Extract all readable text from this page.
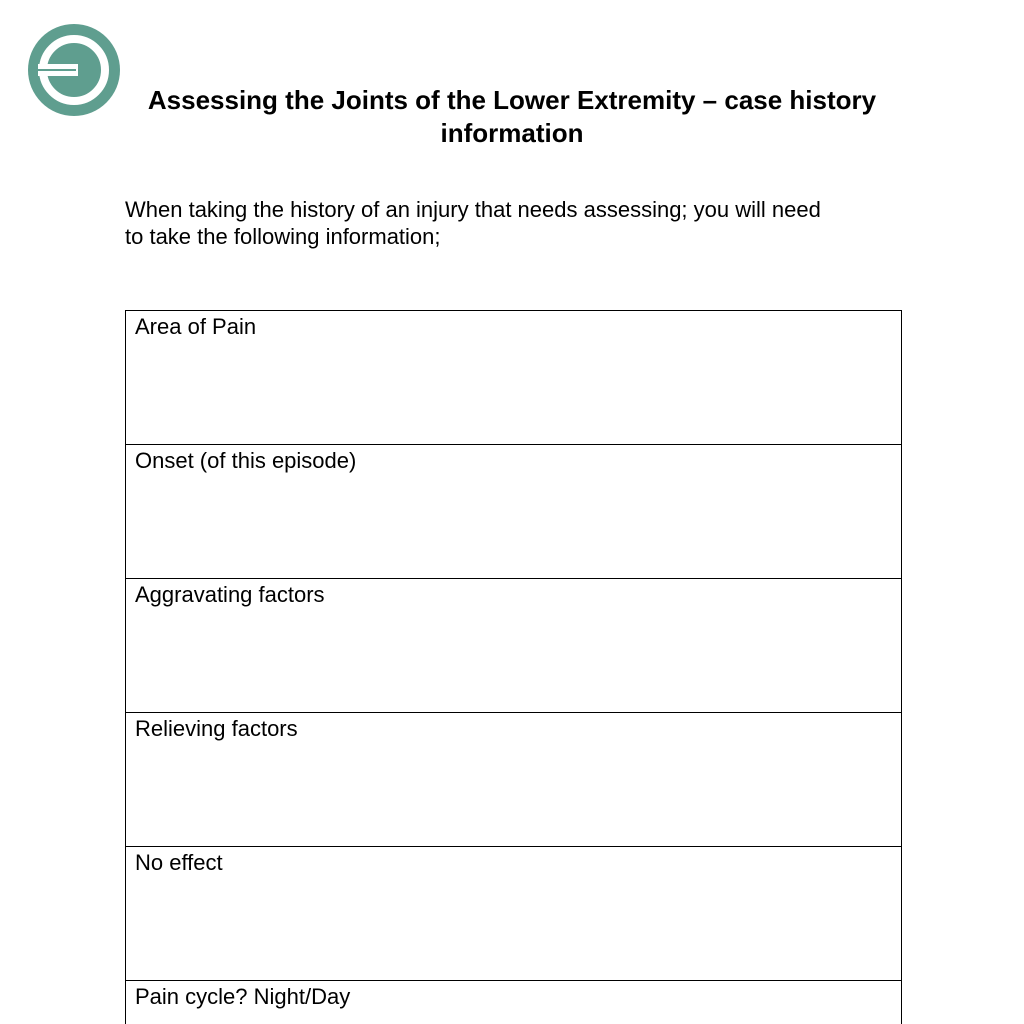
Assessing the Joints of the Lower Extremity – case history
information

When taking the history of an injury that needs assessing; you will need
to take the following information;

Area of Pain
Onset (of this episode)
Aggravating factors
Relieving factors
No effect
Pain cycle? Night/Day
